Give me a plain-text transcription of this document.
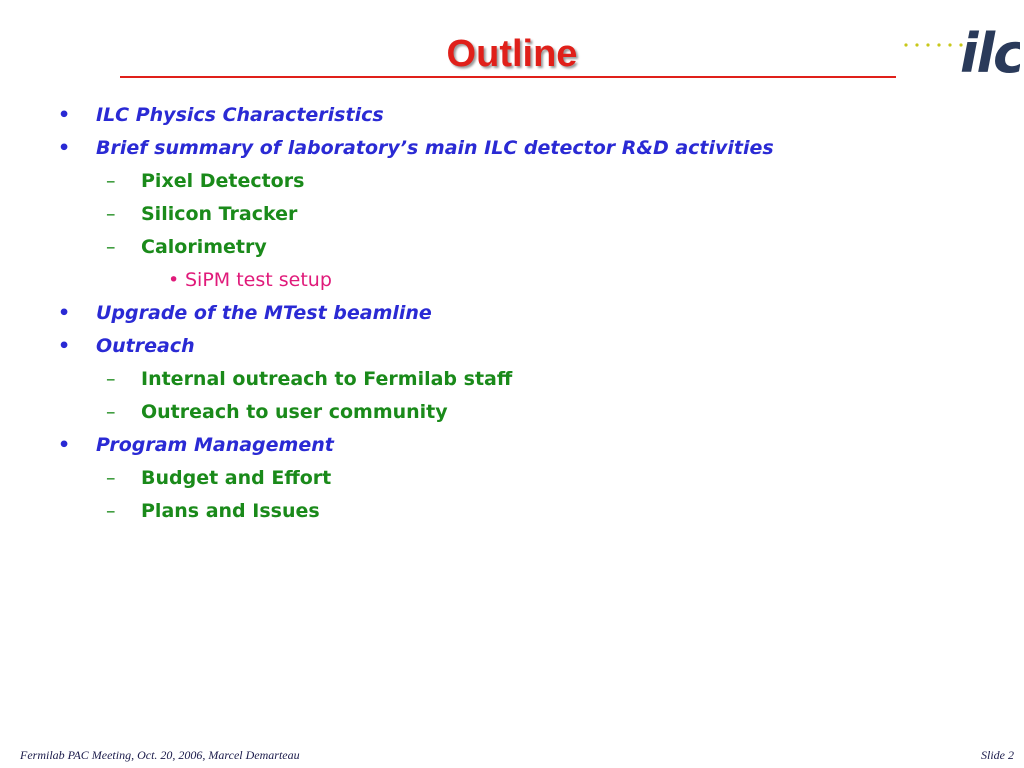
Outline	ilc
• ILC Physics Characteristics
• Brief summary of laboratory’s main ILC detector R&D activities
– Pixel Detectors
– Silicon Tracker
– Calorimetry
• SiPM test setup
• Upgrade of the MTest beamline
• Outreach
– Internal outreach to Fermilab staff
– Outreach to user community
• Program Management
– Budget and Effort
– Plans and Issues
Fermilab PAC Meeting, Oct. 20, 2006, Marcel Demarteau	Slide 2
